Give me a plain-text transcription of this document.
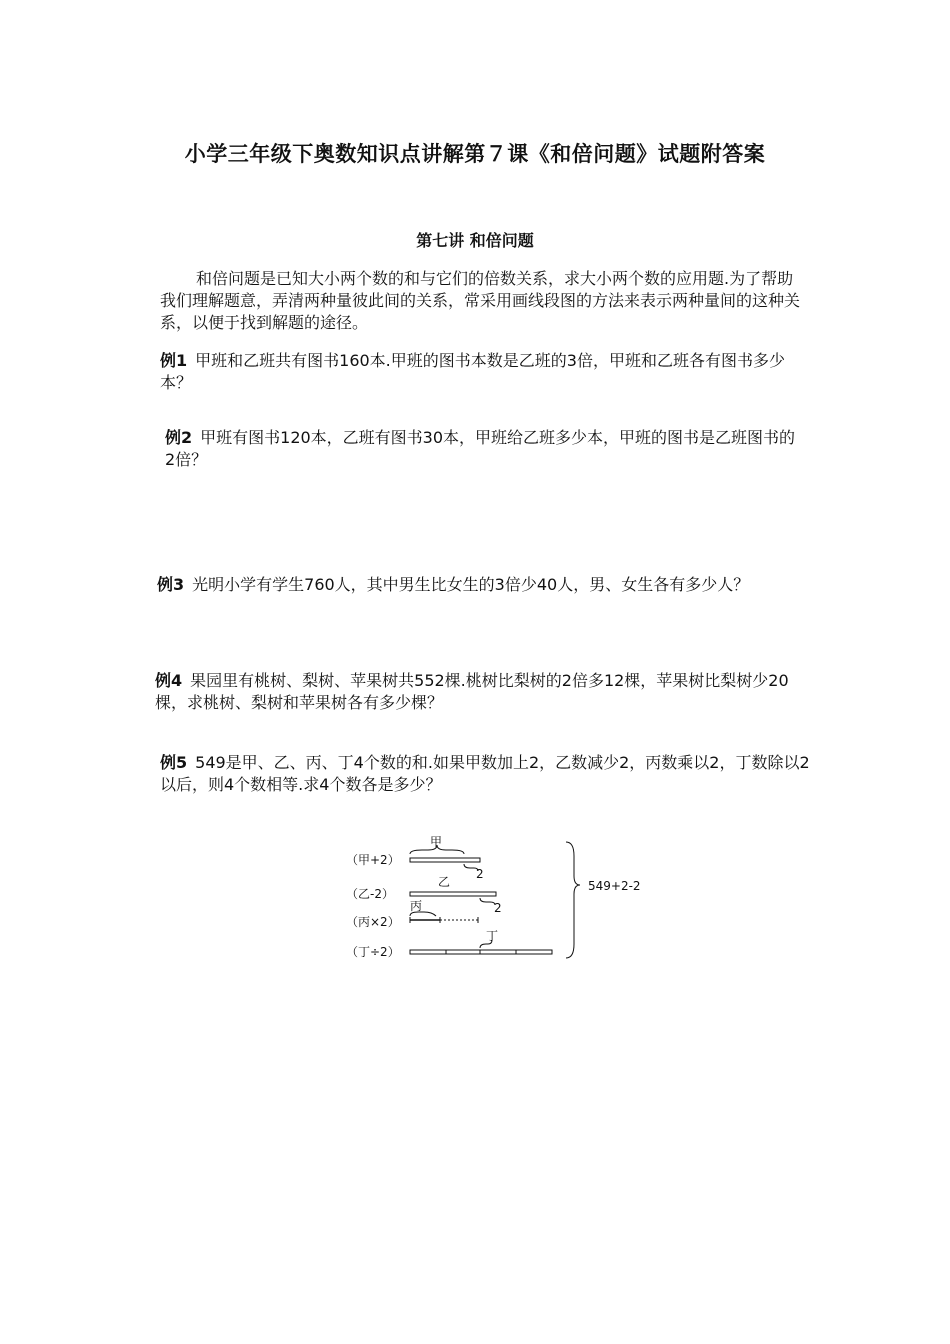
小学三年级下奥数知识点讲解第７课《和倍问题》试题附答案
第七讲 和倍问题
和倍问题是已知大小两个数的和与它们的倍数关系，求大小两个数的应用题.为了帮助我们理解题意，弄清两种量彼此间的关系，常采用画线段图的方法来表示两种量间的这种关系，以便于找到解题的途径。
例1 甲班和乙班共有图书160本.甲班的图书本数是乙班的3倍，甲班和乙班各有图书多少本？
例2 甲班有图书120本，乙班有图书30本，甲班给乙班多少本，甲班的图书是乙班图书的2倍？
例3 光明小学有学生760人，其中男生比女生的3倍少40人，男、女生各有多少人？
例4 果园里有桃树、梨树、苹果树共552棵.桃树比梨树的2倍多12棵，苹果树比梨树少20棵，求桃树、梨树和苹果树各有多少棵？
例5 549是甲、乙、丙、丁4个数的和.如果甲数加上2，乙数减少2，丙数乘以2，丁数除以2以后，则4个数相等.求4个数各是多少？
（甲+2）
（乙-2）
（丙×2）
（丁÷2）
甲
2
乙
2
丙
丁
549+2-2
